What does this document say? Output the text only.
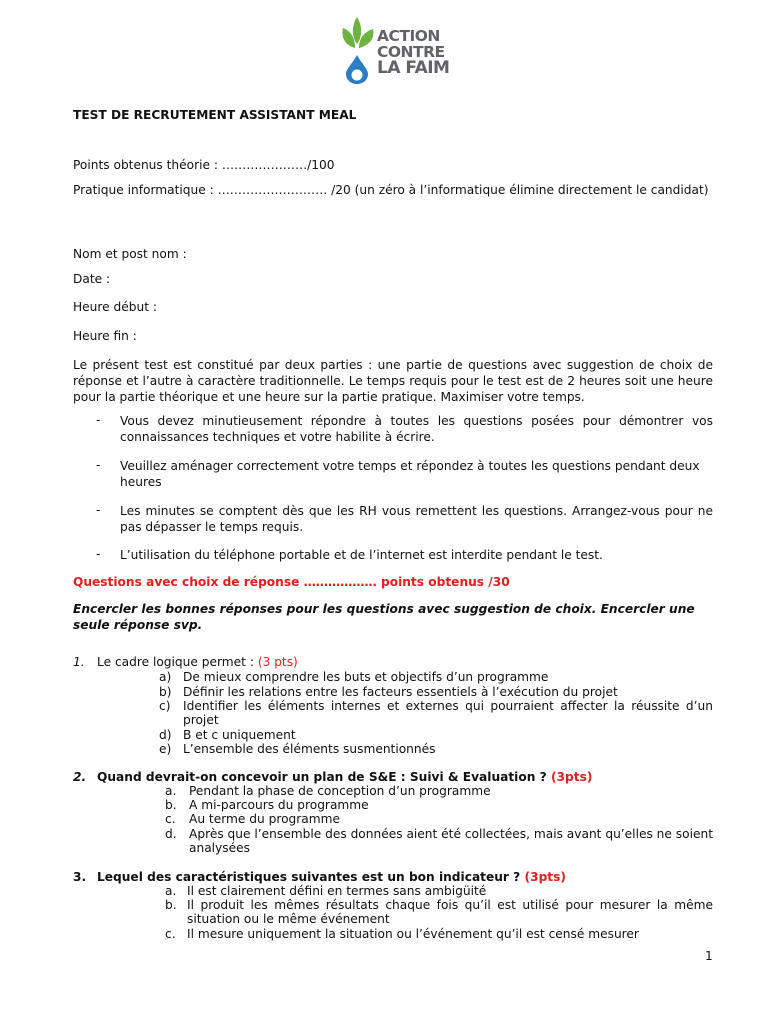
ACTION
CONTRE
LA FAIM
TEST DE RECRUTEMENT ASSISTANT MEAL
Points obtenus théorie : …………………/100
Pratique informatique : ……………………… /20 (un zéro à l’informatique élimine directement le candidat)
Nom et post nom :
Date :
Heure début :
Heure fin :
Le présent test est constitué par deux parties : une partie de questions avec suggestion de choix de réponse et l’autre à caractère traditionnelle. Le temps requis pour le test est de 2 heures soit une heure pour la partie théorique et une heure sur la partie pratique. Maximiser votre temps.
- Vous devez minutieusement répondre à toutes les questions posées pour démontrer vos connaissances techniques et votre habilite à écrire.
- Veuillez aménager correctement votre temps et répondez à toutes les questions pendant deux heures
- Les minutes se comptent dès que les RH vous remettent les questions. Arrangez-vous pour ne pas dépasser le temps requis.
- L’utilisation du téléphone portable et de l’internet est interdite pendant le test.
Questions avec choix de réponse ……………… points obtenus /30
Encercler les bonnes réponses pour les questions avec suggestion de choix. Encercler une seule réponse svp.
1. Le cadre logique permet : (3 pts)
a) De mieux comprendre les buts et objectifs d’un programme
b) Définir les relations entre les facteurs essentiels à l’exécution du projet
c) Identifier les éléments internes et externes qui pourraient affecter la réussite d’un projet
d) B et c uniquement
e) L’ensemble des éléments susmentionnés
2. Quand devrait-on concevoir un plan de S&E : Suivi & Evaluation ? (3pts)
a. Pendant la phase de conception d’un programme
b. A mi-parcours du programme
c. Au terme du programme
d. Après que l’ensemble des données aient été collectées, mais avant qu’elles ne soient analysées
3. Lequel des caractéristiques suivantes est un bon indicateur ? (3pts)
a. Il est clairement défini en termes sans ambigüité
b. Il produit les mêmes résultats chaque fois qu’il est utilisé pour mesurer la même situation ou le même événement
c. Il mesure uniquement la situation ou l’événement qu’il est censé mesurer
1
